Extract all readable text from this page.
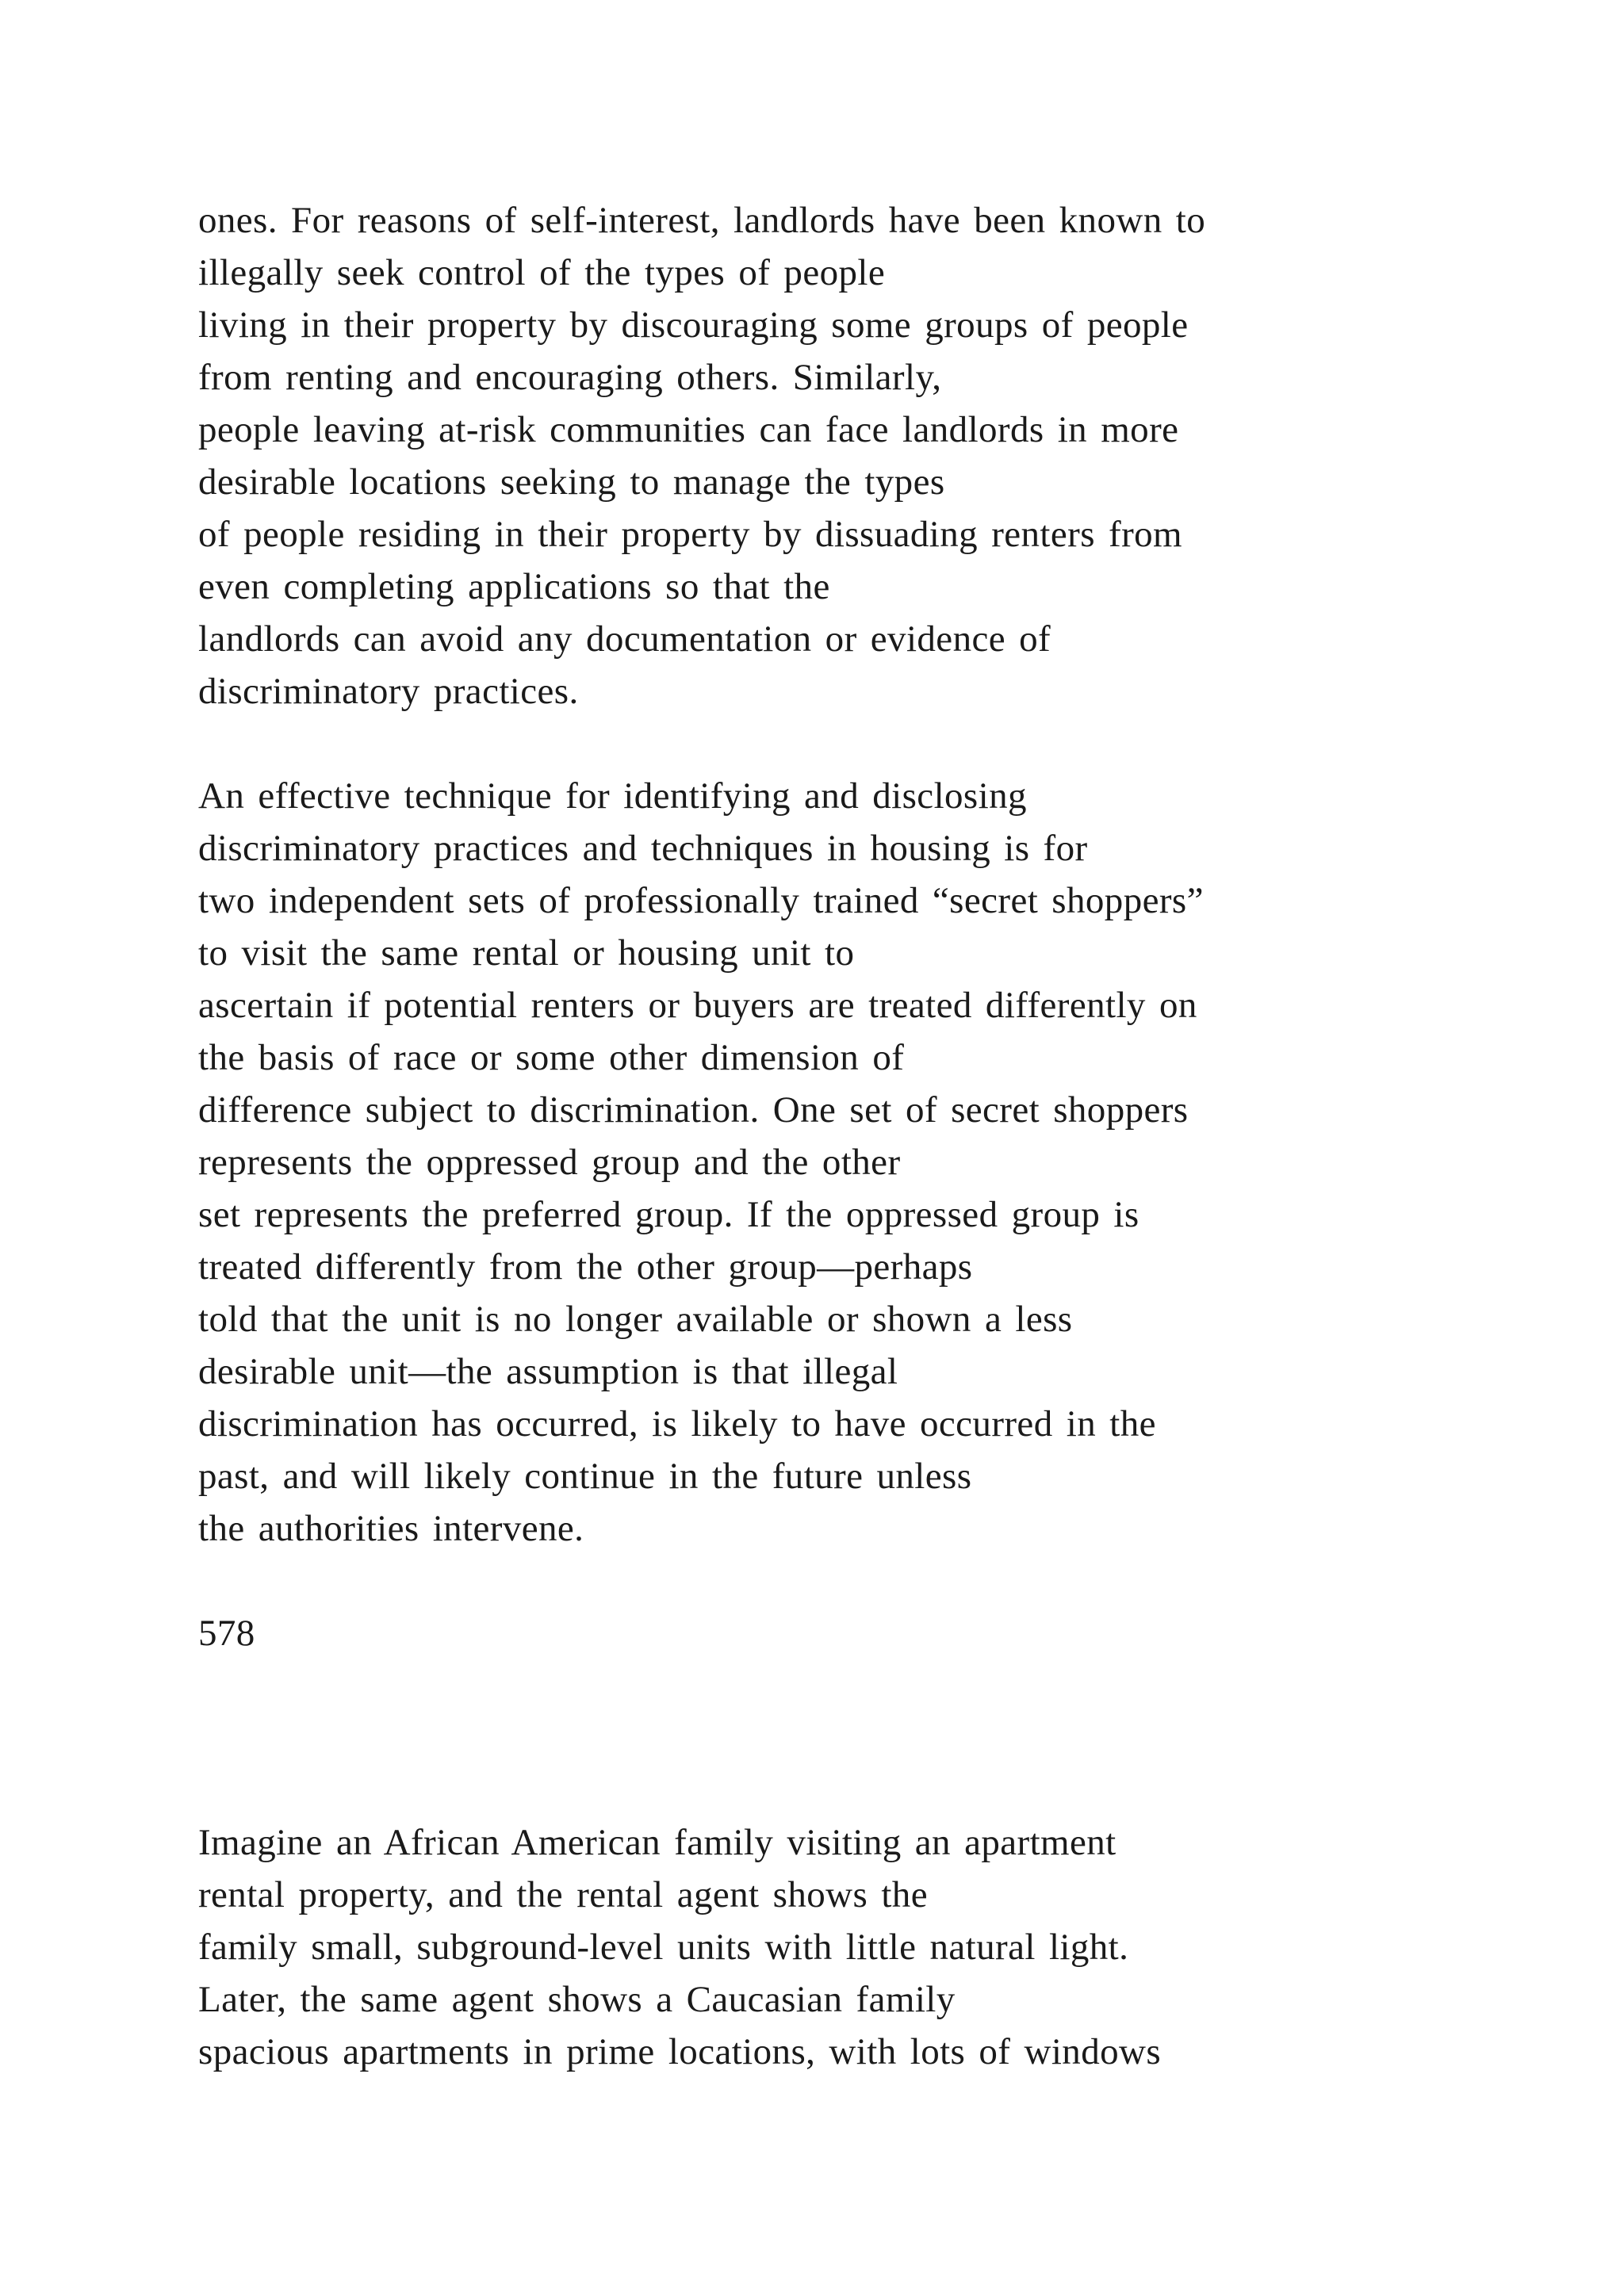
ones. For reasons of self-interest, landlords have been known to
illegally seek control of the types of people
living in their property by discouraging some groups of people
from renting and encouraging others. Similarly,
people leaving at-risk communities can face landlords in more
desirable locations seeking to manage the types
of people residing in their property by dissuading renters from
even completing applications so that the
landlords can avoid any documentation or evidence of
discriminatory practices.
An effective technique for identifying and disclosing
discriminatory practices and techniques in housing is for
two independent sets of professionally trained “secret shoppers”
to visit the same rental or housing unit to
ascertain if potential renters or buyers are treated differently on
the basis of race or some other dimension of
difference subject to discrimination. One set of secret shoppers
represents the oppressed group and the other
set represents the preferred group. If the oppressed group is
treated differently from the other group—perhaps
told that the unit is no longer available or shown a less
desirable unit—the assumption is that illegal
discrimination has occurred, is likely to have occurred in the
past, and will likely continue in the future unless
the authorities intervene.
578
Imagine an African American family visiting an apartment
rental property, and the rental agent shows the
family small, subground-level units with little natural light.
Later, the same agent shows a Caucasian family
spacious apartments in prime locations, with lots of windows
